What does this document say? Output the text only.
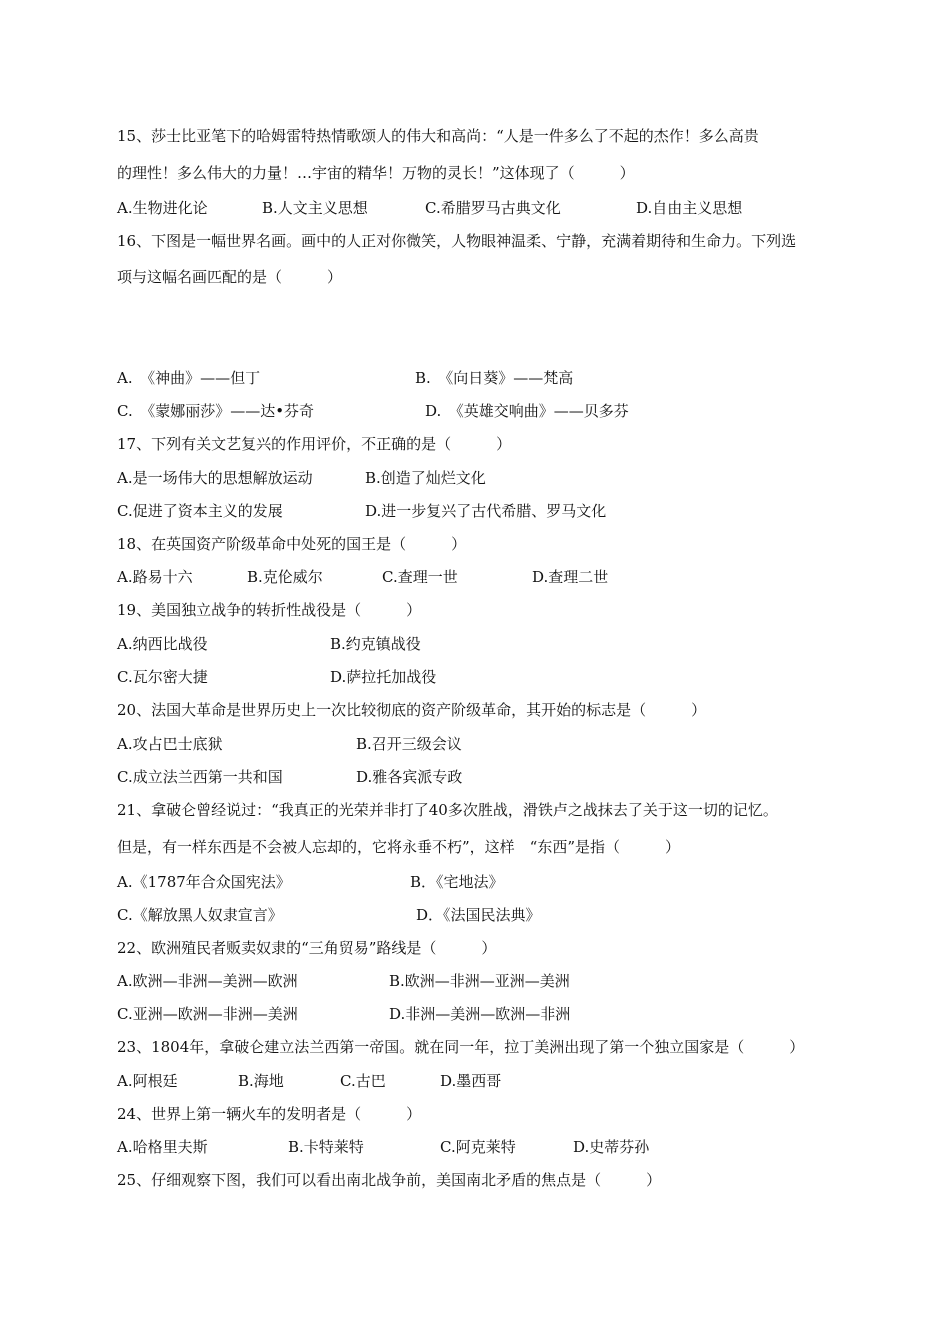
15、莎士比亚笔下的哈姆雷特热情歌颂人的伟大和高尚：“人是一件多么了不起的杰作！多么高贵
的理性！多么伟大的力量！…宇宙的精华！万物的灵长！”这体现了（　　　）
A.生物进化论	B.人文主义思想	C.希腊罗马古典文化	D.自由主义思想
16、下图是一幅世界名画。画中的人正对你微笑，人物眼神温柔、宁静，充满着期待和生命力。下列选
项与这幅名画匹配的是（　　　）
A.　《神曲》——但丁	B.　《向日葵》——梵高
C.　《蒙娜丽莎》——达•芬奇	D.　《英雄交响曲》——贝多芬
17、下列有关文艺复兴的作用评价，不正确的是（　　　）
A.是一场伟大的思想解放运动	B.创造了灿烂文化
C.促进了资本主义的发展	D.进一步复兴了古代希腊、罗马文化
18、在英国资产阶级革命中处死的国王是（　　　）
A.路易十六	B.克伦威尔	C.查理一世	D.查理二世
19、美国独立战争的转折性战役是（　　　）
A.纳西比战役	B.约克镇战役
C.瓦尔密大捷	D.萨拉托加战役
20、法国大革命是世界历史上一次比较彻底的资产阶级革命，其开始的标志是（　　　）
A.攻占巴士底狱	B.召开三级会议
C.成立法兰西第一共和国	D.雅各宾派专政
21、拿破仑曾经说过：“我真正的光荣并非打了40多次胜战，滑铁卢之战抹去了关于这一切的记忆。
但是，有一样东西是不会被人忘却的，它将永垂不朽”，这样　“东西”是指（　　　）
A.《1787年合众国宪法》	B．《宅地法》
C.《解放黑人奴隶宣言》	D．《法国民法典》
22、欧洲殖民者贩卖奴隶的“三角贸易”路线是（　　　）
A.欧洲—非洲—美洲—欧洲	B.欧洲—非洲—亚洲—美洲
C.亚洲—欧洲—非洲—美洲	D.非洲—美洲—欧洲—非洲
23、1804年，拿破仑建立法兰西第一帝国。就在同一年，拉丁美洲出现了第一个独立国家是（　　　）
A.阿根廷	B.海地	C.古巴	D.墨西哥
24、世界上第一辆火车的发明者是（　　　）
A.哈格里夫斯	B.卡特莱特	C.阿克莱特	D.史蒂芬孙
25、仔细观察下图，我们可以看出南北战争前，美国南北矛盾的焦点是（　　　）
